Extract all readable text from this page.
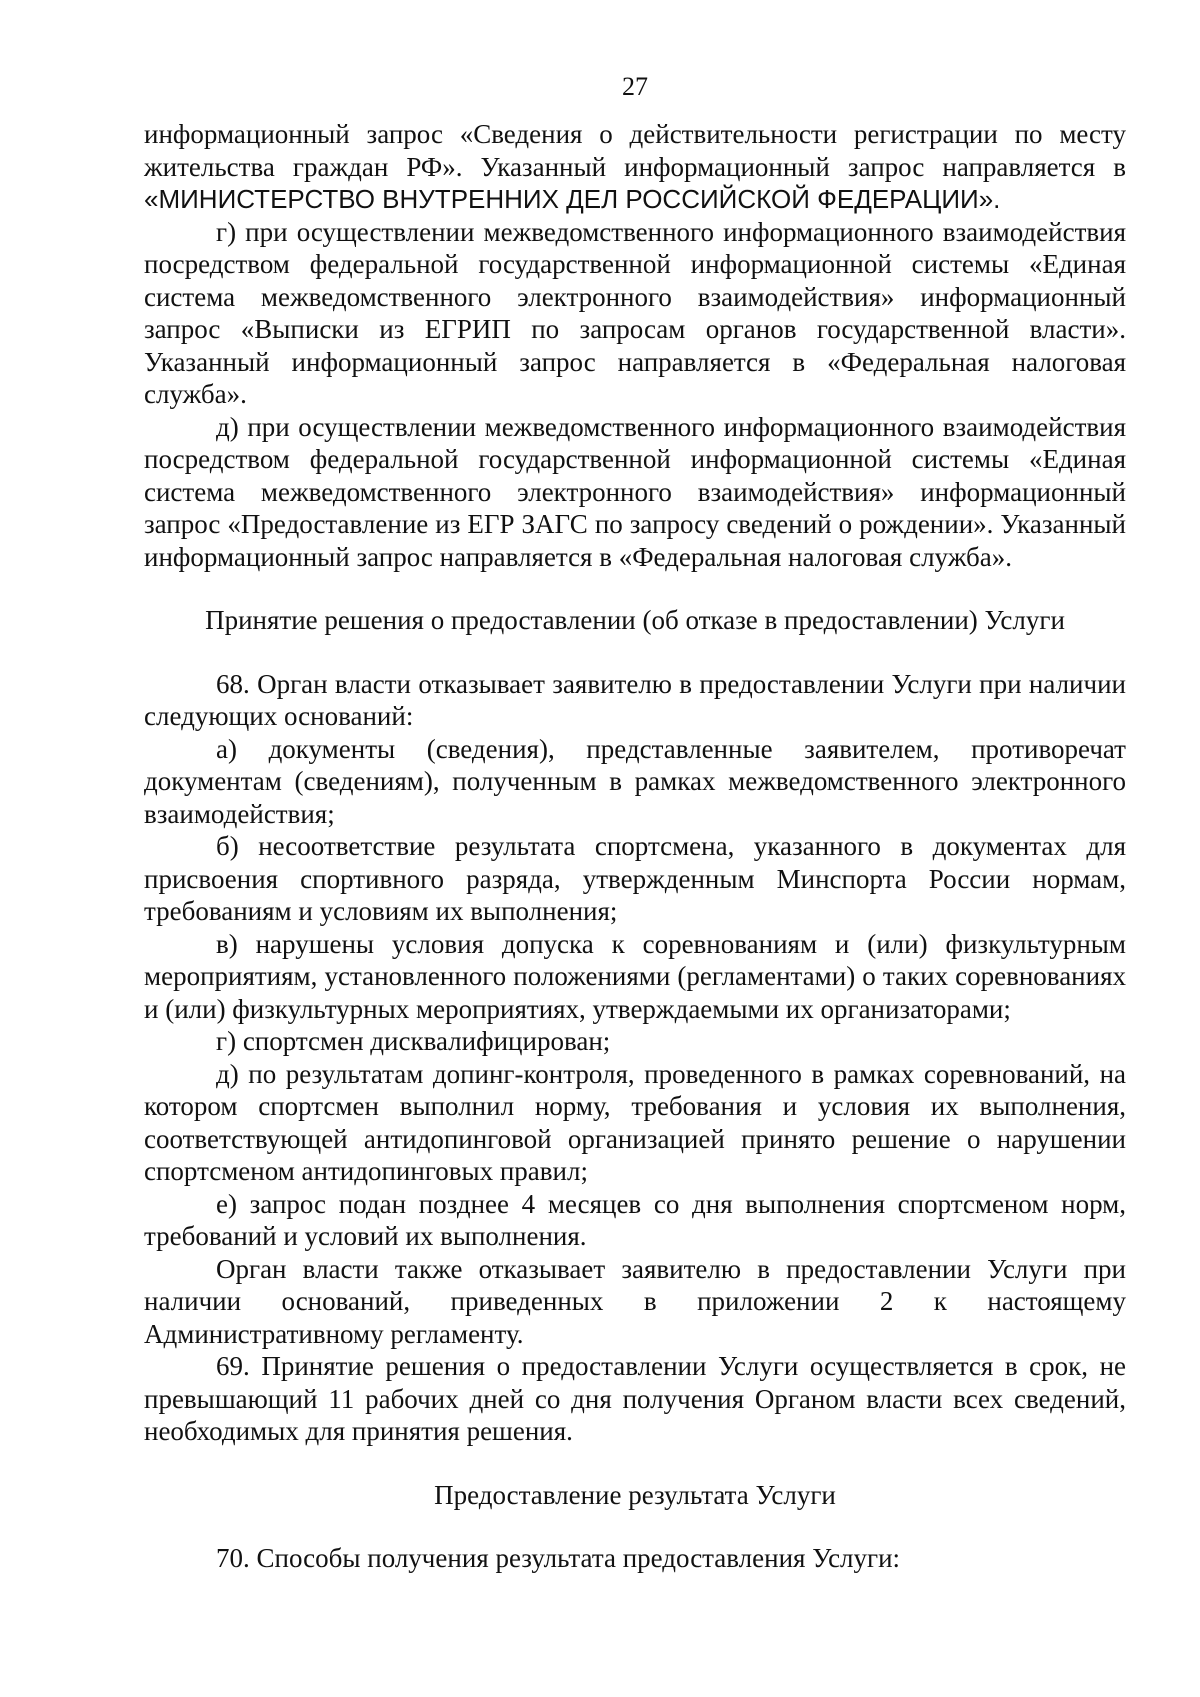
27

информационный запрос «Сведения о действительности регистрации по месту жительства граждан РФ». Указанный информационный запрос направляется в «МИНИСТЕРСТВО ВНУТРЕННИХ ДЕЛ РОССИЙСКОЙ ФЕДЕРАЦИИ».

г) при осуществлении межведомственного информационного взаимодействия посредством федеральной государственной информационной системы «Единая система межведомственного электронного взаимодействия» информационный запрос «Выписки из ЕГРИП по запросам органов государственной власти». Указанный информационный запрос направляется в «Федеральная налоговая служба».

д) при осуществлении межведомственного информационного взаимодействия посредством федеральной государственной информационной системы «Единая система межведомственного электронного взаимодействия» информационный запрос «Предоставление из ЕГР ЗАГС по запросу сведений о рождении». Указанный информационный запрос направляется в «Федеральная налоговая служба».

Принятие решения о предоставлении (об отказе в предоставлении) Услуги

68. Орган власти отказывает заявителю в предоставлении Услуги при наличии следующих оснований:

а) документы (сведения), представленные заявителем, противоречат документам (сведениям), полученным в рамках межведомственного электронного взаимодействия;

б) несоответствие результата спортсмена, указанного в документах для присвоения спортивного разряда, утвержденным Минспорта России нормам, требованиям и условиям их выполнения;

в) нарушены условия допуска к соревнованиям и (или) физкультурным мероприятиям, установленного положениями (регламентами) о таких соревнованиях и (или) физкультурных мероприятиях, утверждаемыми их организаторами;

г) спортсмен дисквалифицирован;

д) по результатам допинг-контроля, проведенного в рамках соревнований, на котором спортсмен выполнил норму, требования и условия их выполнения, соответствующей антидопинговой организацией принято решение о нарушении спортсменом антидопинговых правил;

е) запрос подан позднее 4 месяцев со дня выполнения спортсменом норм, требований и условий их выполнения.

Орган власти также отказывает заявителю в предоставлении Услуги при наличии оснований, приведенных в приложении 2 к настоящему Административному регламенту.

69. Принятие решения о предоставлении Услуги осуществляется в срок, не превышающий 11 рабочих дней со дня получения Органом власти всех сведений, необходимых для принятия решения.

Предоставление результата Услуги

70. Способы получения результата предоставления Услуги:
